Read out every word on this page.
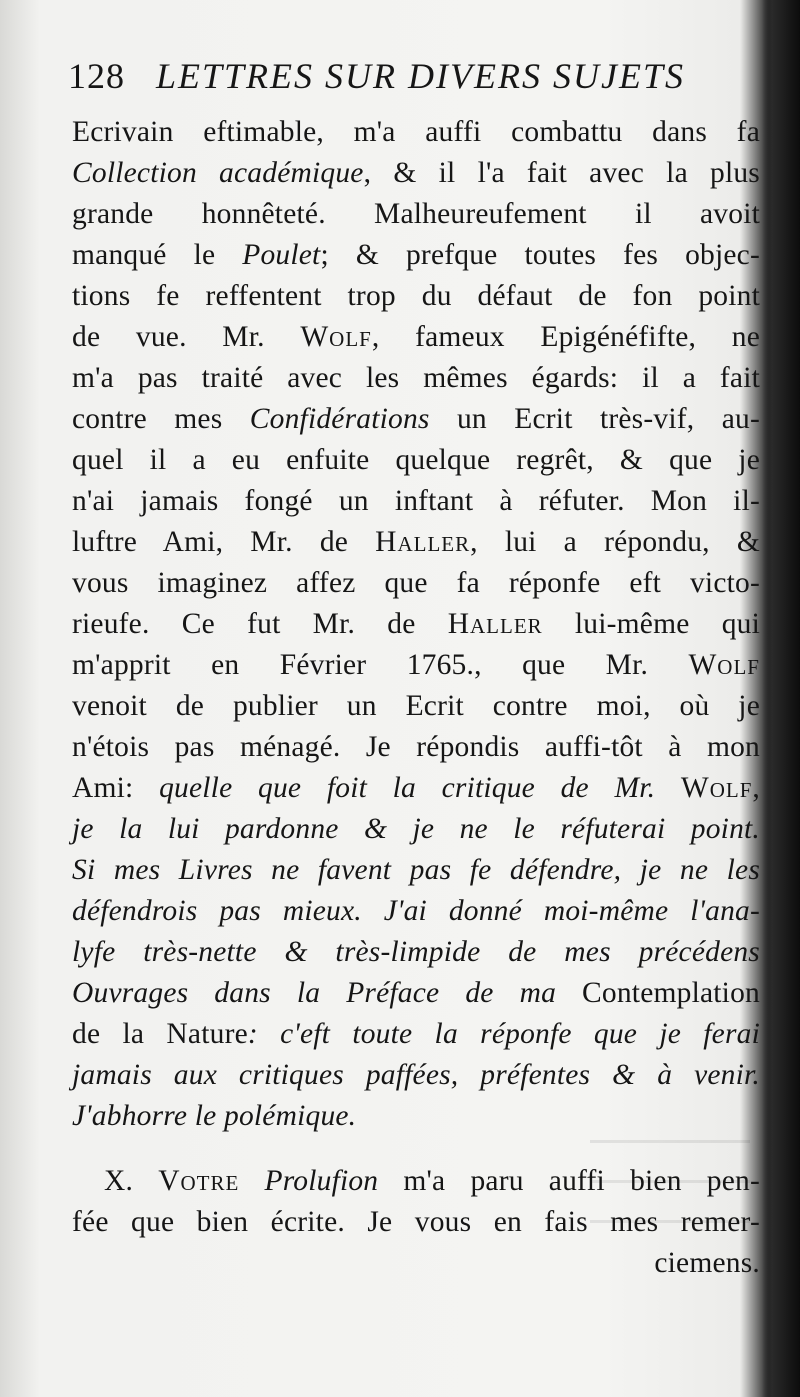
128 LETTRES SUR DIVERS SUJETS
Ecrivain eftimable, m'a auffi combattu dans fa
Collection académique, & il l'a fait avec la plus
grande honnêteté. Malheureufement il avoit
manqué le Poulet; & prefque toutes fes objec-
tions fe reffentent trop du défaut de fon point
de vue. Mr. Wolf, fameux Epigénéfifte, ne
m'a pas traité avec les mêmes égards: il a fait
contre mes Confidérations un Ecrit très-vif, au-
quel il a eu enfuite quelque regrêt, & que je
n'ai jamais fongé un inftant à réfuter. Mon il-
luftre Ami, Mr. de Haller, lui a répondu, &
vous imaginez affez que fa réponfe eft victo-
rieufe. Ce fut Mr. de Haller lui-même qui
m'apprit en Février 1765., que Mr. Wolf
venoit de publier un Ecrit contre moi, où je
n'étois pas ménagé. Je répondis auffi-tôt à mon
Ami: quelle que foit la critique de Mr. Wolf,
je la lui pardonne & je ne le réfuterai point.
Si mes Livres ne favent pas fe défendre, je ne les
défendrois pas mieux. J'ai donné moi-même l'ana-
lyfe très-nette & très-limpide de mes précédens
Ouvrages dans la Préface de ma Contemplation
de la Nature: c'eft toute la réponfe que je ferai
jamais aux critiques paffées, préfentes & à venir.
J'abhorre le polémique.
X. Votre Prolufion m'a paru auffi bien pen-
fée que bien écrite. Je vous en fais mes remer-
ciemens.
